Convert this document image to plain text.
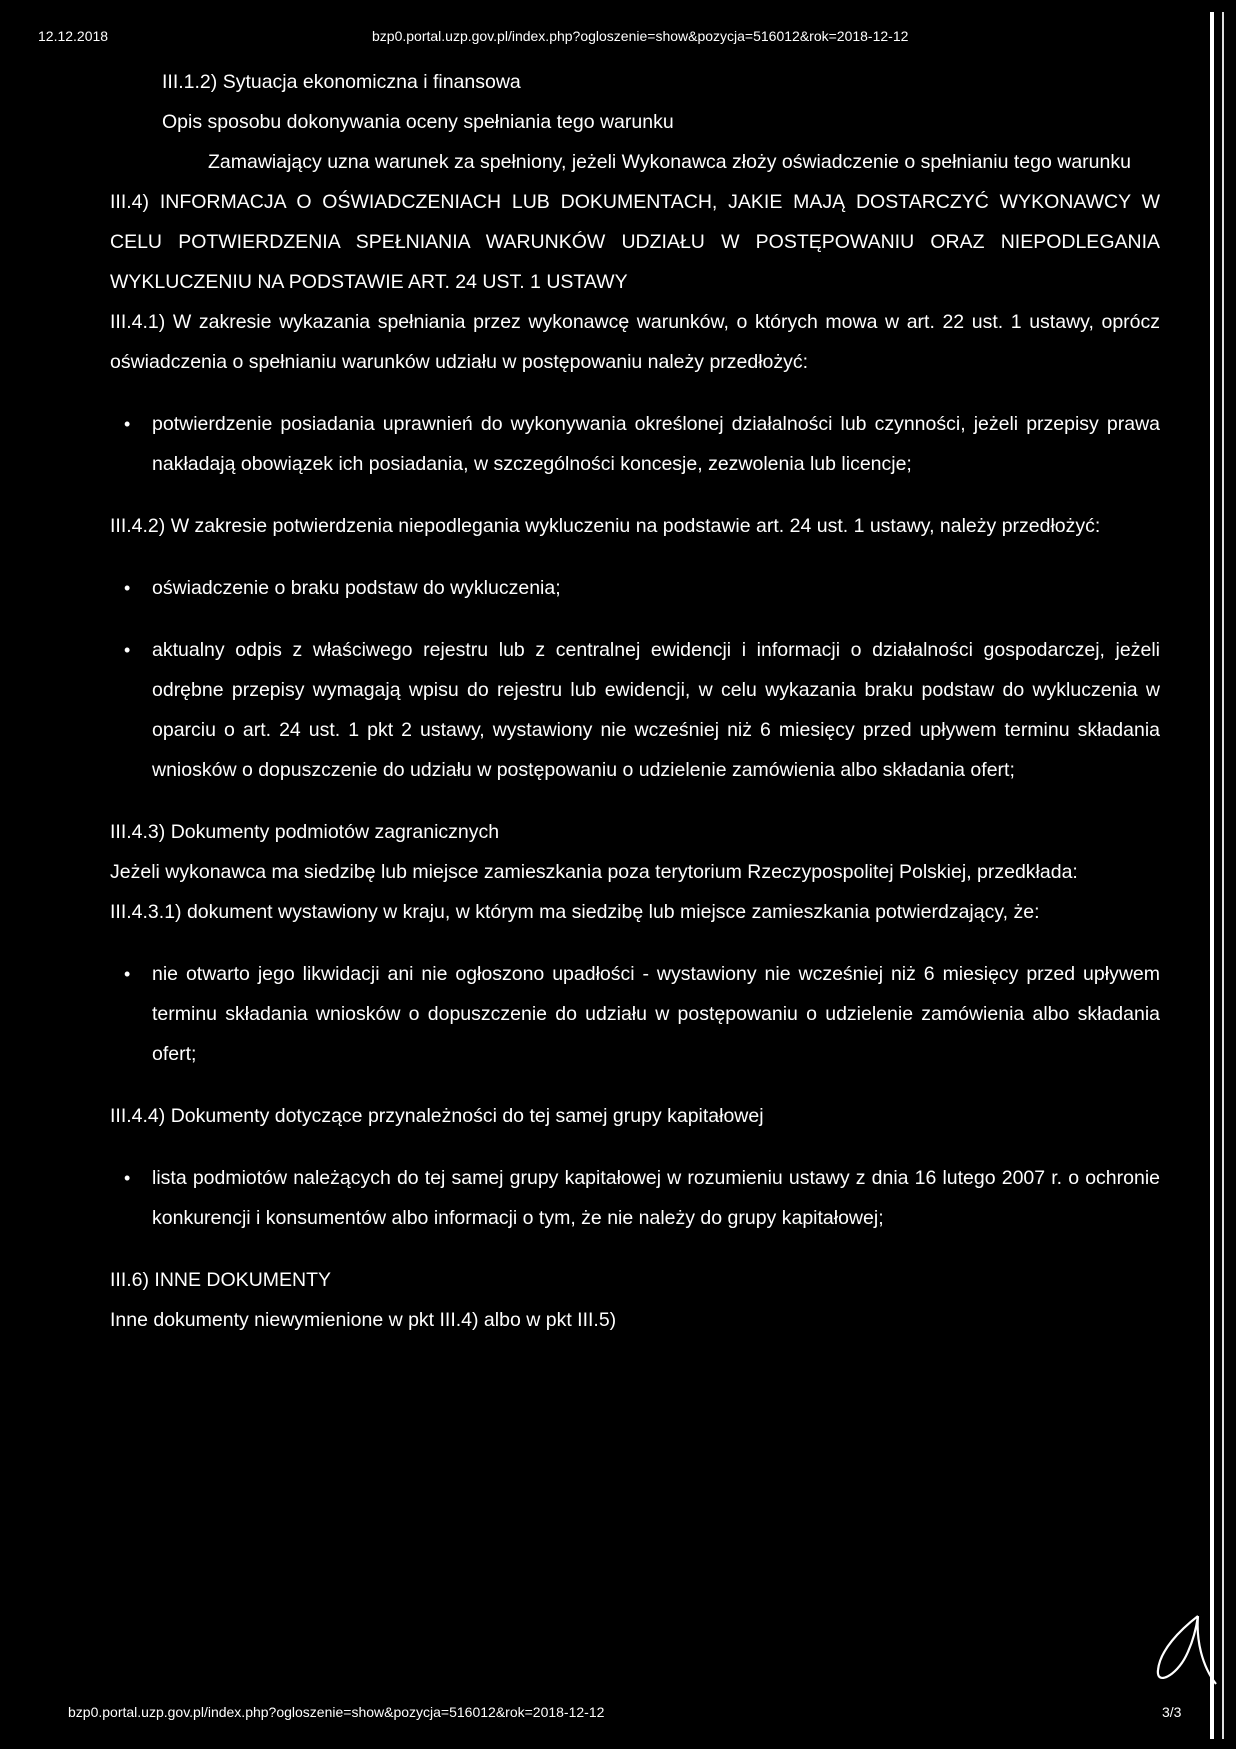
12.12.2018	bzp0.portal.uzp.gov.pl/index.php?ogloszenie=show&pozycja=516012&rok=2018-12-12

III.1.2) Sytuacja ekonomiczna i finansowa

Opis sposobu dokonywania oceny spełniania tego warunku

Zamawiający uzna warunek za spełniony, jeżeli Wykonawca złoży oświadczenie o spełnianiu tego warunku

III.4) INFORMACJA O OŚWIADCZENIACH LUB DOKUMENTACH, JAKIE MAJĄ DOSTARCZYĆ WYKONAWCY W CELU POTWIERDZENIA SPEŁNIANIA WARUNKÓW UDZIAŁU W POSTĘPOWANIU ORAZ NIEPODLEGANIA WYKLUCZENIU NA PODSTAWIE ART. 24 UST. 1 USTAWY

III.4.1) W zakresie wykazania spełniania przez wykonawcę warunków, o których mowa w art. 22 ust. 1 ustawy, oprócz oświadczenia o spełnianiu warunków udziału w postępowaniu należy przedłożyć:

• potwierdzenie posiadania uprawnień do wykonywania określonej działalności lub czynności, jeżeli przepisy prawa nakładają obowiązek ich posiadania, w szczególności koncesje, zezwolenia lub licencje;

III.4.2) W zakresie potwierdzenia niepodlegania wykluczeniu na podstawie art. 24 ust. 1 ustawy, należy przedłożyć:

• oświadczenie o braku podstaw do wykluczenia;
• aktualny odpis z właściwego rejestru lub z centralnej ewidencji i informacji o działalności gospodarczej, jeżeli odrębne przepisy wymagają wpisu do rejestru lub ewidencji, w celu wykazania braku podstaw do wykluczenia w oparciu o art. 24 ust. 1 pkt 2 ustawy, wystawiony nie wcześniej niż 6 miesięcy przed upływem terminu składania wniosków o dopuszczenie do udziału w postępowaniu o udzielenie zamówienia albo składania ofert;

III.4.3) Dokumenty podmiotów zagranicznych

Jeżeli wykonawca ma siedzibę lub miejsce zamieszkania poza terytorium Rzeczypospolitej Polskiej, przedkłada:

III.4.3.1) dokument wystawiony w kraju, w którym ma siedzibę lub miejsce zamieszkania potwierdzający, że:

• nie otwarto jego likwidacji ani nie ogłoszono upadłości - wystawiony nie wcześniej niż 6 miesięcy przed upływem terminu składania wniosków o dopuszczenie do udziału w postępowaniu o udzielenie zamówienia albo składania ofert;

III.4.4) Dokumenty dotyczące przynależności do tej samej grupy kapitałowej

• lista podmiotów należących do tej samej grupy kapitałowej w rozumieniu ustawy z dnia 16 lutego 2007 r. o ochronie konkurencji i konsumentów albo informacji o tym, że nie należy do grupy kapitałowej;

III.6) INNE DOKUMENTY

Inne dokumenty niewymienione w pkt III.4) albo w pkt III.5)

bzp0.portal.uzp.gov.pl/index.php?ogloszenie=show&pozycja=516012&rok=2018-12-12	3/3
